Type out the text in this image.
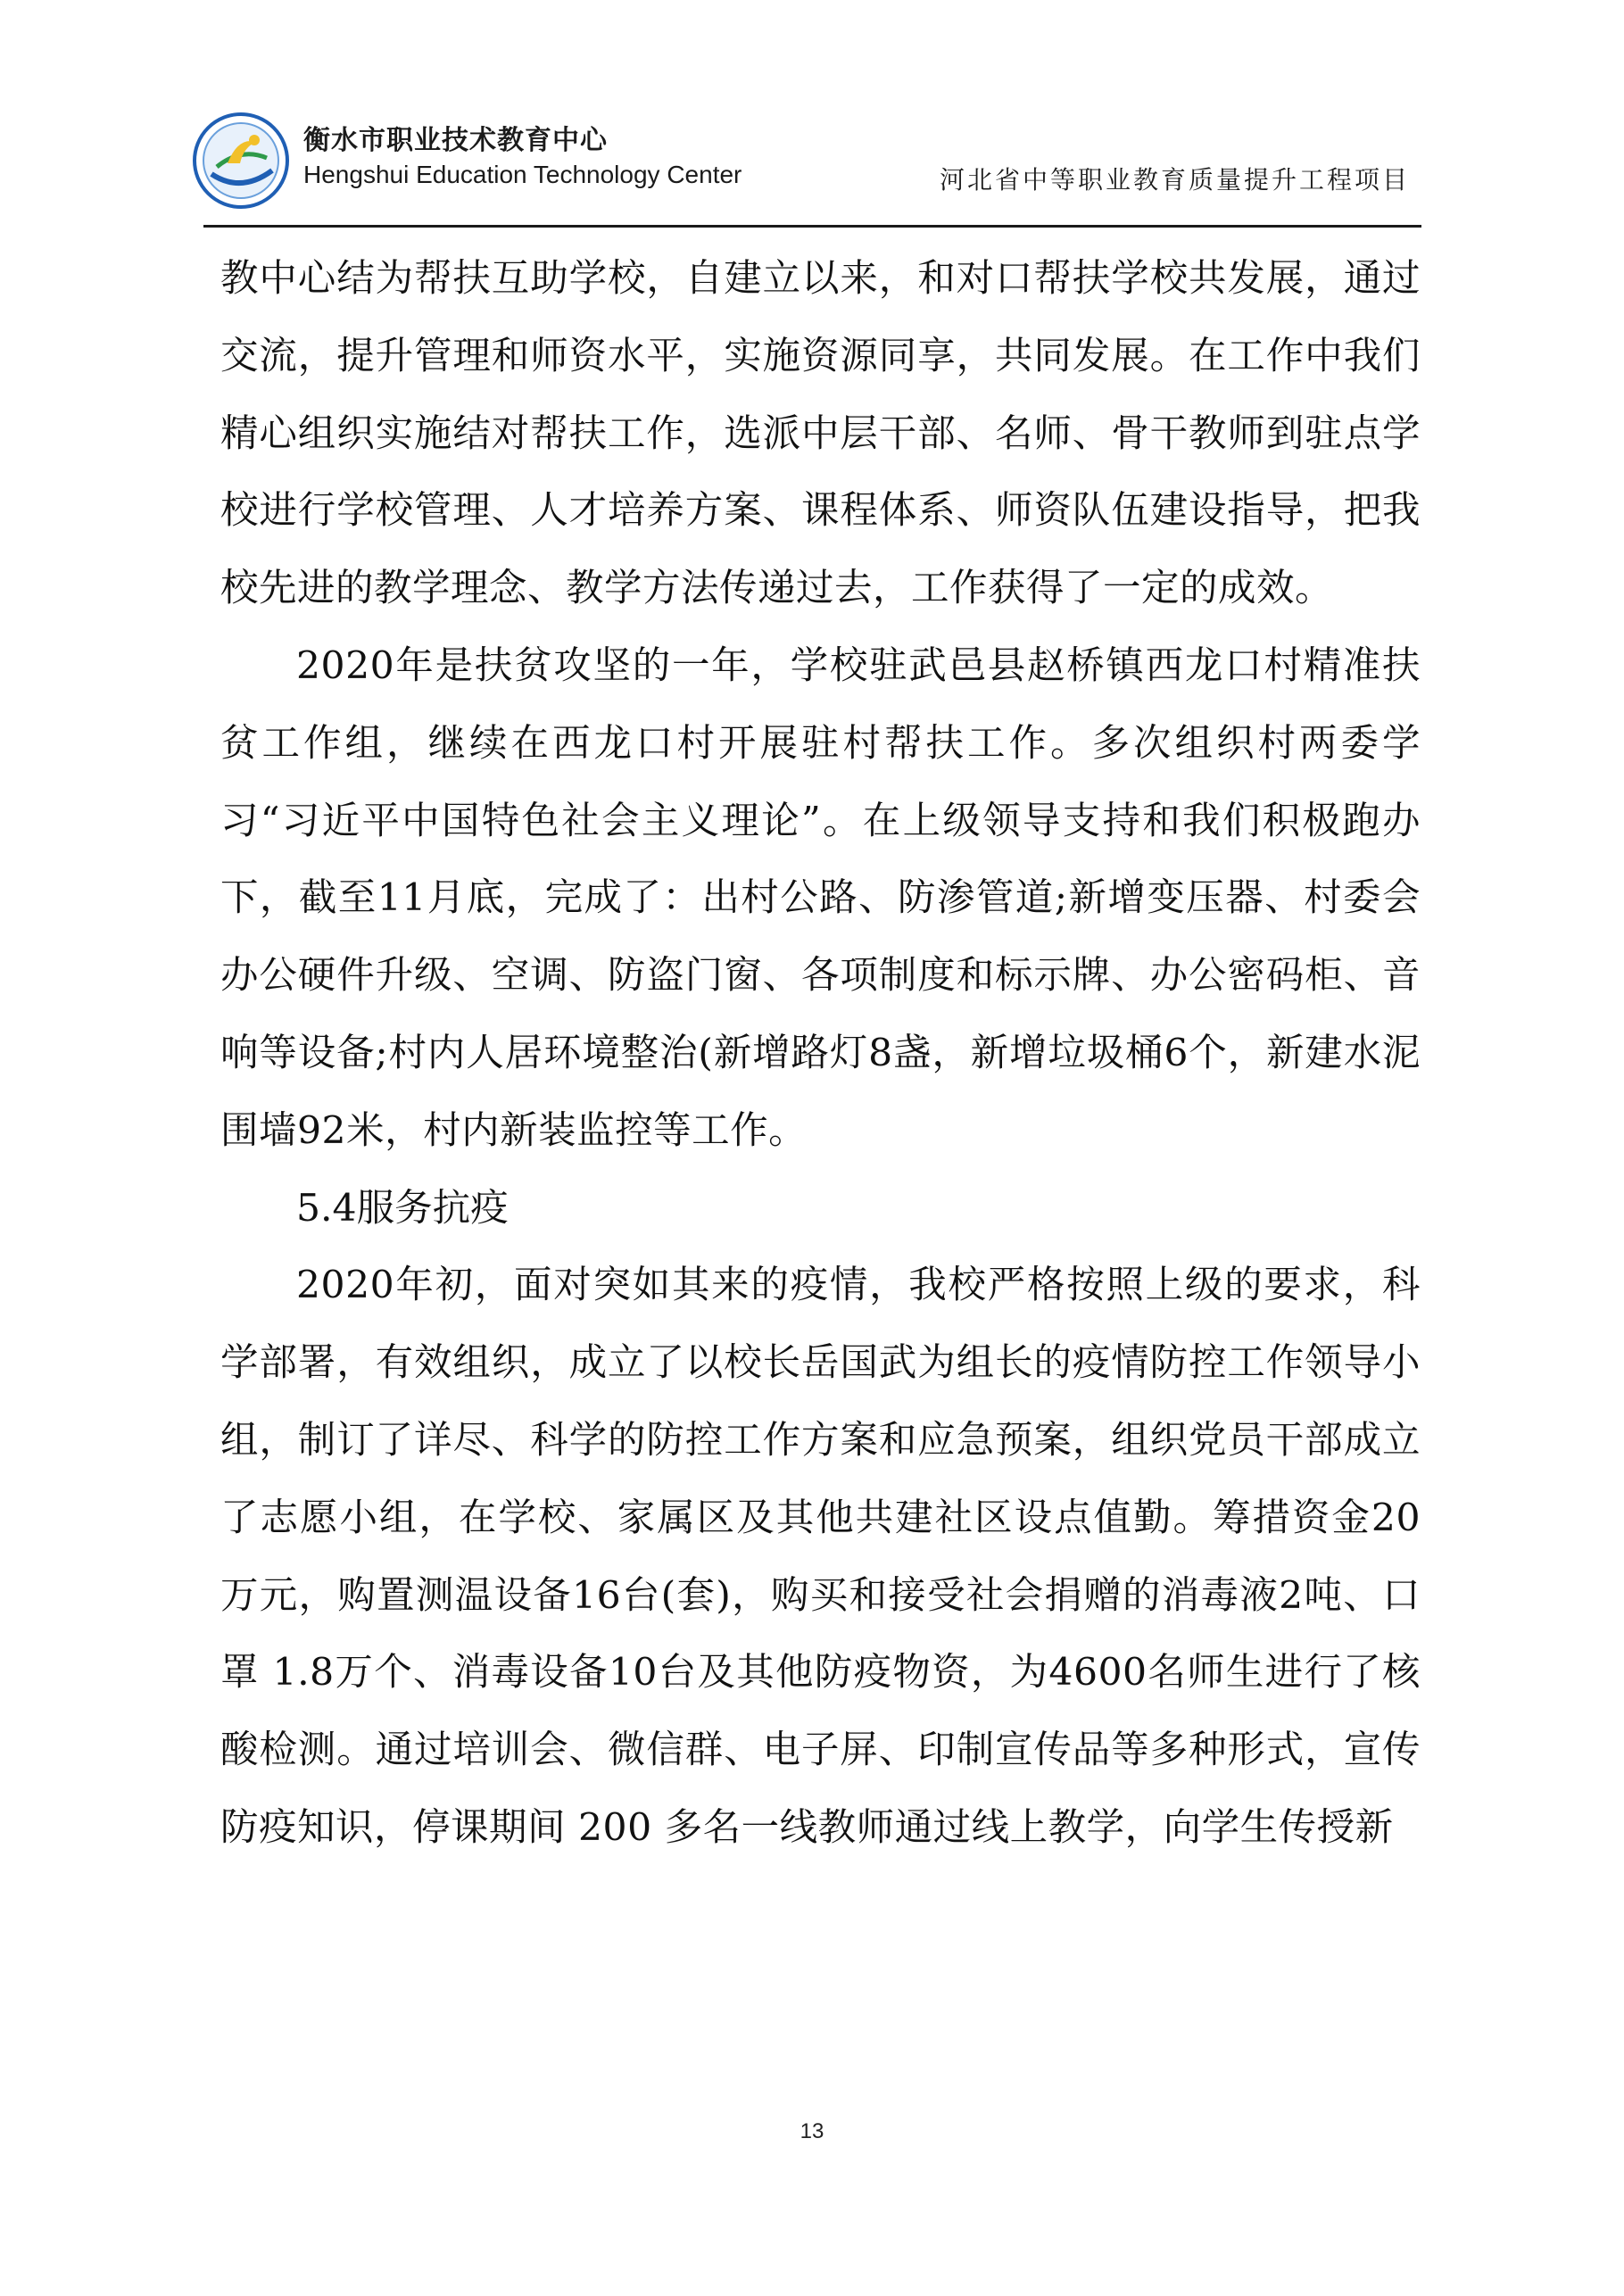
衡水市职业技术教育中心
Hengshui Education Technology Center	河北省中等职业教育质量提升工程项目

教中心结为帮扶互助学校，自建立以来，和对口帮扶学校共发展，通过交流，提升管理和师资水平，实施资源同享，共同发展。在工作中我们精心组织实施结对帮扶工作，选派中层干部、名师、骨干教师到驻点学校进行学校管理、人才培养方案、课程体系、师资队伍建设指导，把我校先进的教学理念、教学方法传递过去，工作获得了一定的成效。

2020年是扶贫攻坚的一年，学校驻武邑县赵桥镇西龙口村精准扶贫工作组，继续在西龙口村开展驻村帮扶工作。多次组织村两委学习“习近平中国特色社会主义理论”。在上级领导支持和我们积极跑办下，截至11月底，完成了：出村公路、防渗管道;新增变压器、村委会办公硬件升级、空调、防盗门窗、各项制度和标示牌、办公密码柜、音响等设备;村内人居环境整治(新增路灯8盏，新增垃圾桶6个，新建水泥围墙92米，村内新装监控等工作。

5.4服务抗疫

2020年初，面对突如其来的疫情，我校严格按照上级的要求，科学部署，有效组织，成立了以校长岳国武为组长的疫情防控工作领导小组，制订了详尽、科学的防控工作方案和应急预案，组织党员干部成立了志愿小组，在学校、家属区及其他共建社区设点值勤。筹措资金20万元，购置测温设备16台(套)，购买和接受社会捐赠的消毒液2吨、口罩 1.8万个、消毒设备10台及其他防疫物资，为4600名师生进行了核酸检测。通过培训会、微信群、电子屏、印制宣传品等多种形式，宣传防疫知识，停课期间 200 多名一线教师通过线上教学，向学生传授新

13
